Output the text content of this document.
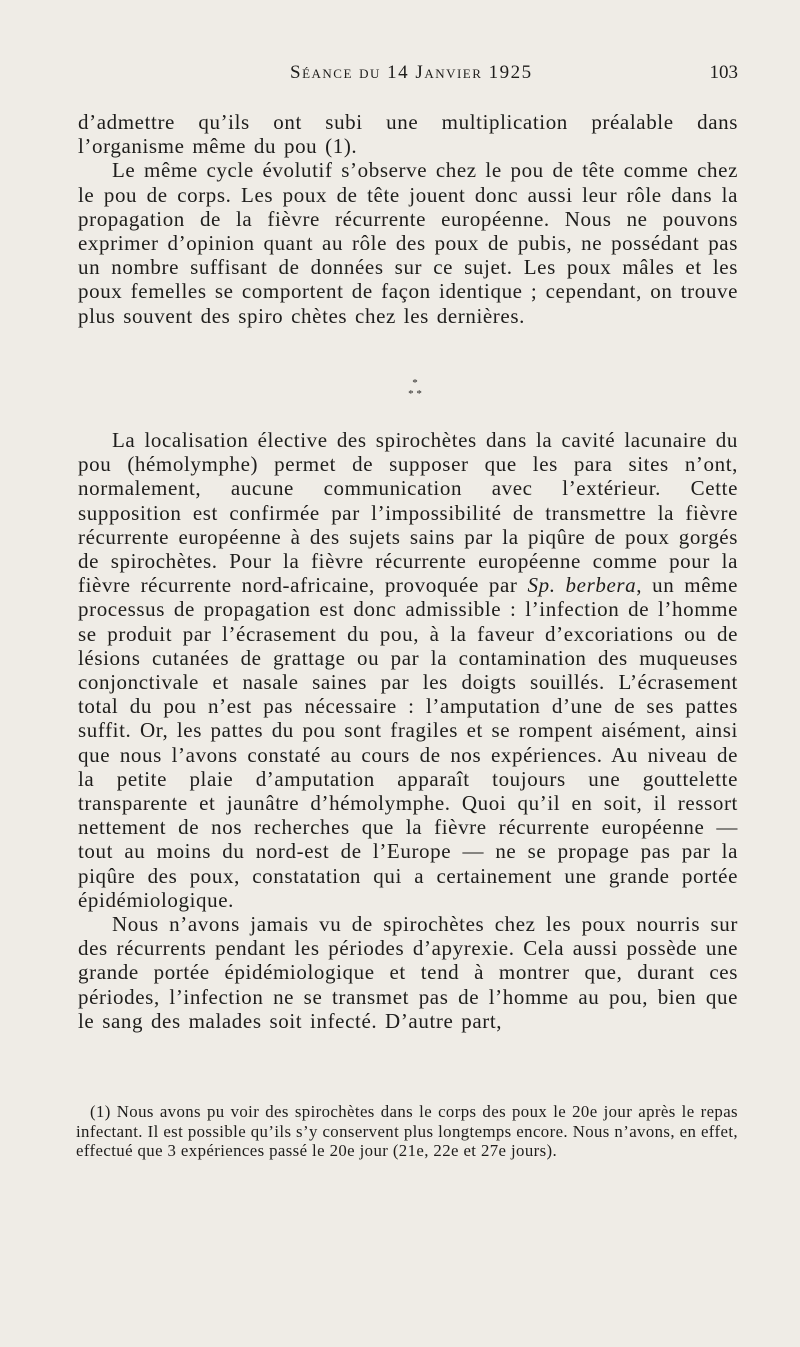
Séance du 14 Janvier 1925	103

d’admettre qu’ils ont subi une multiplication préalable dans l’organisme même du pou (1).

Le même cycle évolutif s’observe chez le pou de tête comme chez le pou de corps. Les poux de tête jouent donc aussi leur rôle dans la propagation de la fièvre récurrente européenne. Nous ne pouvons exprimer d’opinion quant au rôle des poux de pubis, ne possédant pas un nombre suffisant de données sur ce sujet. Les poux mâles et les poux femelles se comportent de façon identique ; cependant, on trouve plus souvent des spiro chètes chez les dernières.

*
* *

La localisation élective des spirochètes dans la cavité lacunaire du pou (hémolymphe) permet de supposer que les para sites n’ont, normalement, aucune communication avec l’extérieur. Cette supposition est confirmée par l’impossibilité de transmettre la fièvre récurrente européenne à des sujets sains par la piqûre de poux gorgés de spirochètes. Pour la fièvre récurrente européenne comme pour la fièvre récurrente nord-africaine, provoquée par Sp. berbera, un même processus de propagation est donc admissible : l’infection de l’homme se produit par l’écrasement du pou, à la faveur d’excoriations ou de lésions cutanées de grattage ou par la contamination des muqueuses conjonctivale et nasale saines par les doigts souillés. L’écrasement total du pou n’est pas nécessaire : l’amputation d’une de ses pattes suffit. Or, les pattes du pou sont fragiles et se rompent aisément, ainsi que nous l’avons constaté au cours de nos expériences. Au niveau de la petite plaie d’amputation apparaît toujours une gouttelette transparente et jaunâtre d’hémolymphe. Quoi qu’il en soit, il ressort nettement de nos recherches que la fièvre récurrente européenne — tout au moins du nord-est de l’Europe — ne se propage pas par la piqûre des poux, constatation qui a certainement une grande portée épidémiologique.

Nous n’avons jamais vu de spirochètes chez les poux nourris sur des récurrents pendant les périodes d’apyrexie. Cela aussi possède une grande portée épidémiologique et tend à montrer que, durant ces périodes, l’infection ne se transmet pas de l’homme au pou, bien que le sang des malades soit infecté. D’autre part,

(1) Nous avons pu voir des spirochètes dans le corps des poux le 20e jour après le repas infectant. Il est possible qu’ils s’y conservent plus longtemps encore. Nous n’avons, en effet, effectué que 3 expériences passé le 20e jour (21e, 22e et 27e jours).
